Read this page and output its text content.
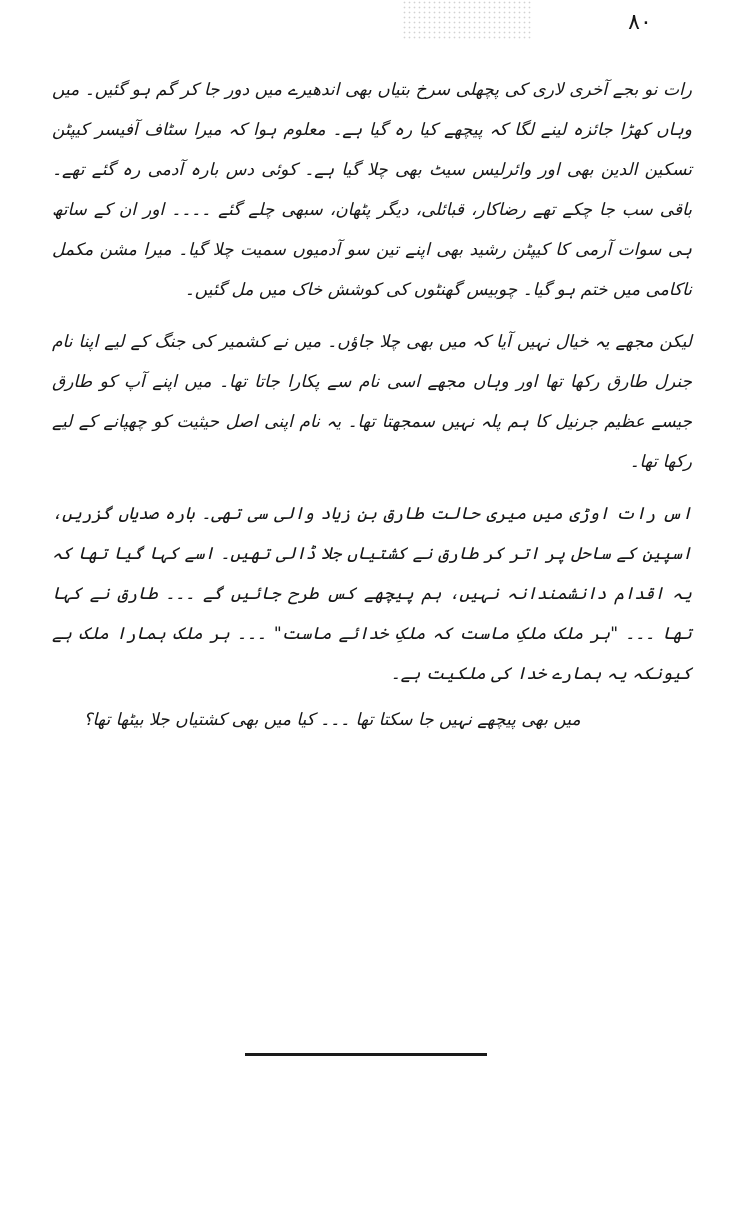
۸۰

رات نو بجے آخری لاری کی پچھلی سرخ بتیاں بھی اندھیرے میں دور جا کر گم ہو گئیں۔ میں وہاں کھڑا جائزہ لینے لگا کہ پیچھے کیا رہ گیا ہے۔ معلوم ہوا کہ میرا سٹاف آفیسر کیپٹن تسکین الدین بھی اور وائرلیس سیٹ بھی چلا گیا ہے۔ کوئی دس بارہ آدمی رہ گئے تھے۔ باقی سب جا چکے تھے رضاکار، قبائلی، دیگر پٹھان، سبھی چلے گئے ۔۔۔۔ اور ان کے ساتھ ہی سوات آرمی کا کیپٹن رشید بھی اپنے تین سو آدمیوں سمیت چلا گیا۔ میرا مشن مکمل ناکامی میں ختم ہو گیا۔ چوبیس گھنٹوں کی کوشش خاک میں مل گئیں۔

لیکن مجھے یہ خیال نہیں آیا کہ میں بھی چلا جاؤں۔ میں نے کشمیر کی جنگ کے لیے اپنا نام جنرل طارق رکھا تھا اور وہاں مجھے اسی نام سے پکارا جاتا تھا۔ میں اپنے آپ کو طارق جیسے عظیم جرنیل کا ہم پلہ نہیں سمجھتا تھا۔ یہ نام اپنی اصل حیثیت کو چھپانے کے لیے رکھا تھا۔

اس رات اوڑی میں میری حالت طارق بن زیاد والی سی تھی۔ بارہ صدیاں گزریں، اسپین کے ساحل پر اتر کر طارق نے کشتیاں جلا ڈالی تھیں۔ اسے کہا گیا تھا کہ یہ اقدام دانشمندانہ نہیں، ہم پیچھے کس طرح جائیں گے ۔۔۔ طارق نے کہا تھا ۔۔۔ "ہر ملک ملکِ ماست کہ ملکِ خدائے ماست" ۔۔۔ ہر ملک ہمارا ملک ہے کیونکہ یہ ہمارے خدا کی ملکیت ہے۔

میں بھی پیچھے نہیں جا سکتا تھا ۔۔۔ کیا میں بھی کشتیاں جلا بیٹھا تھا؟
